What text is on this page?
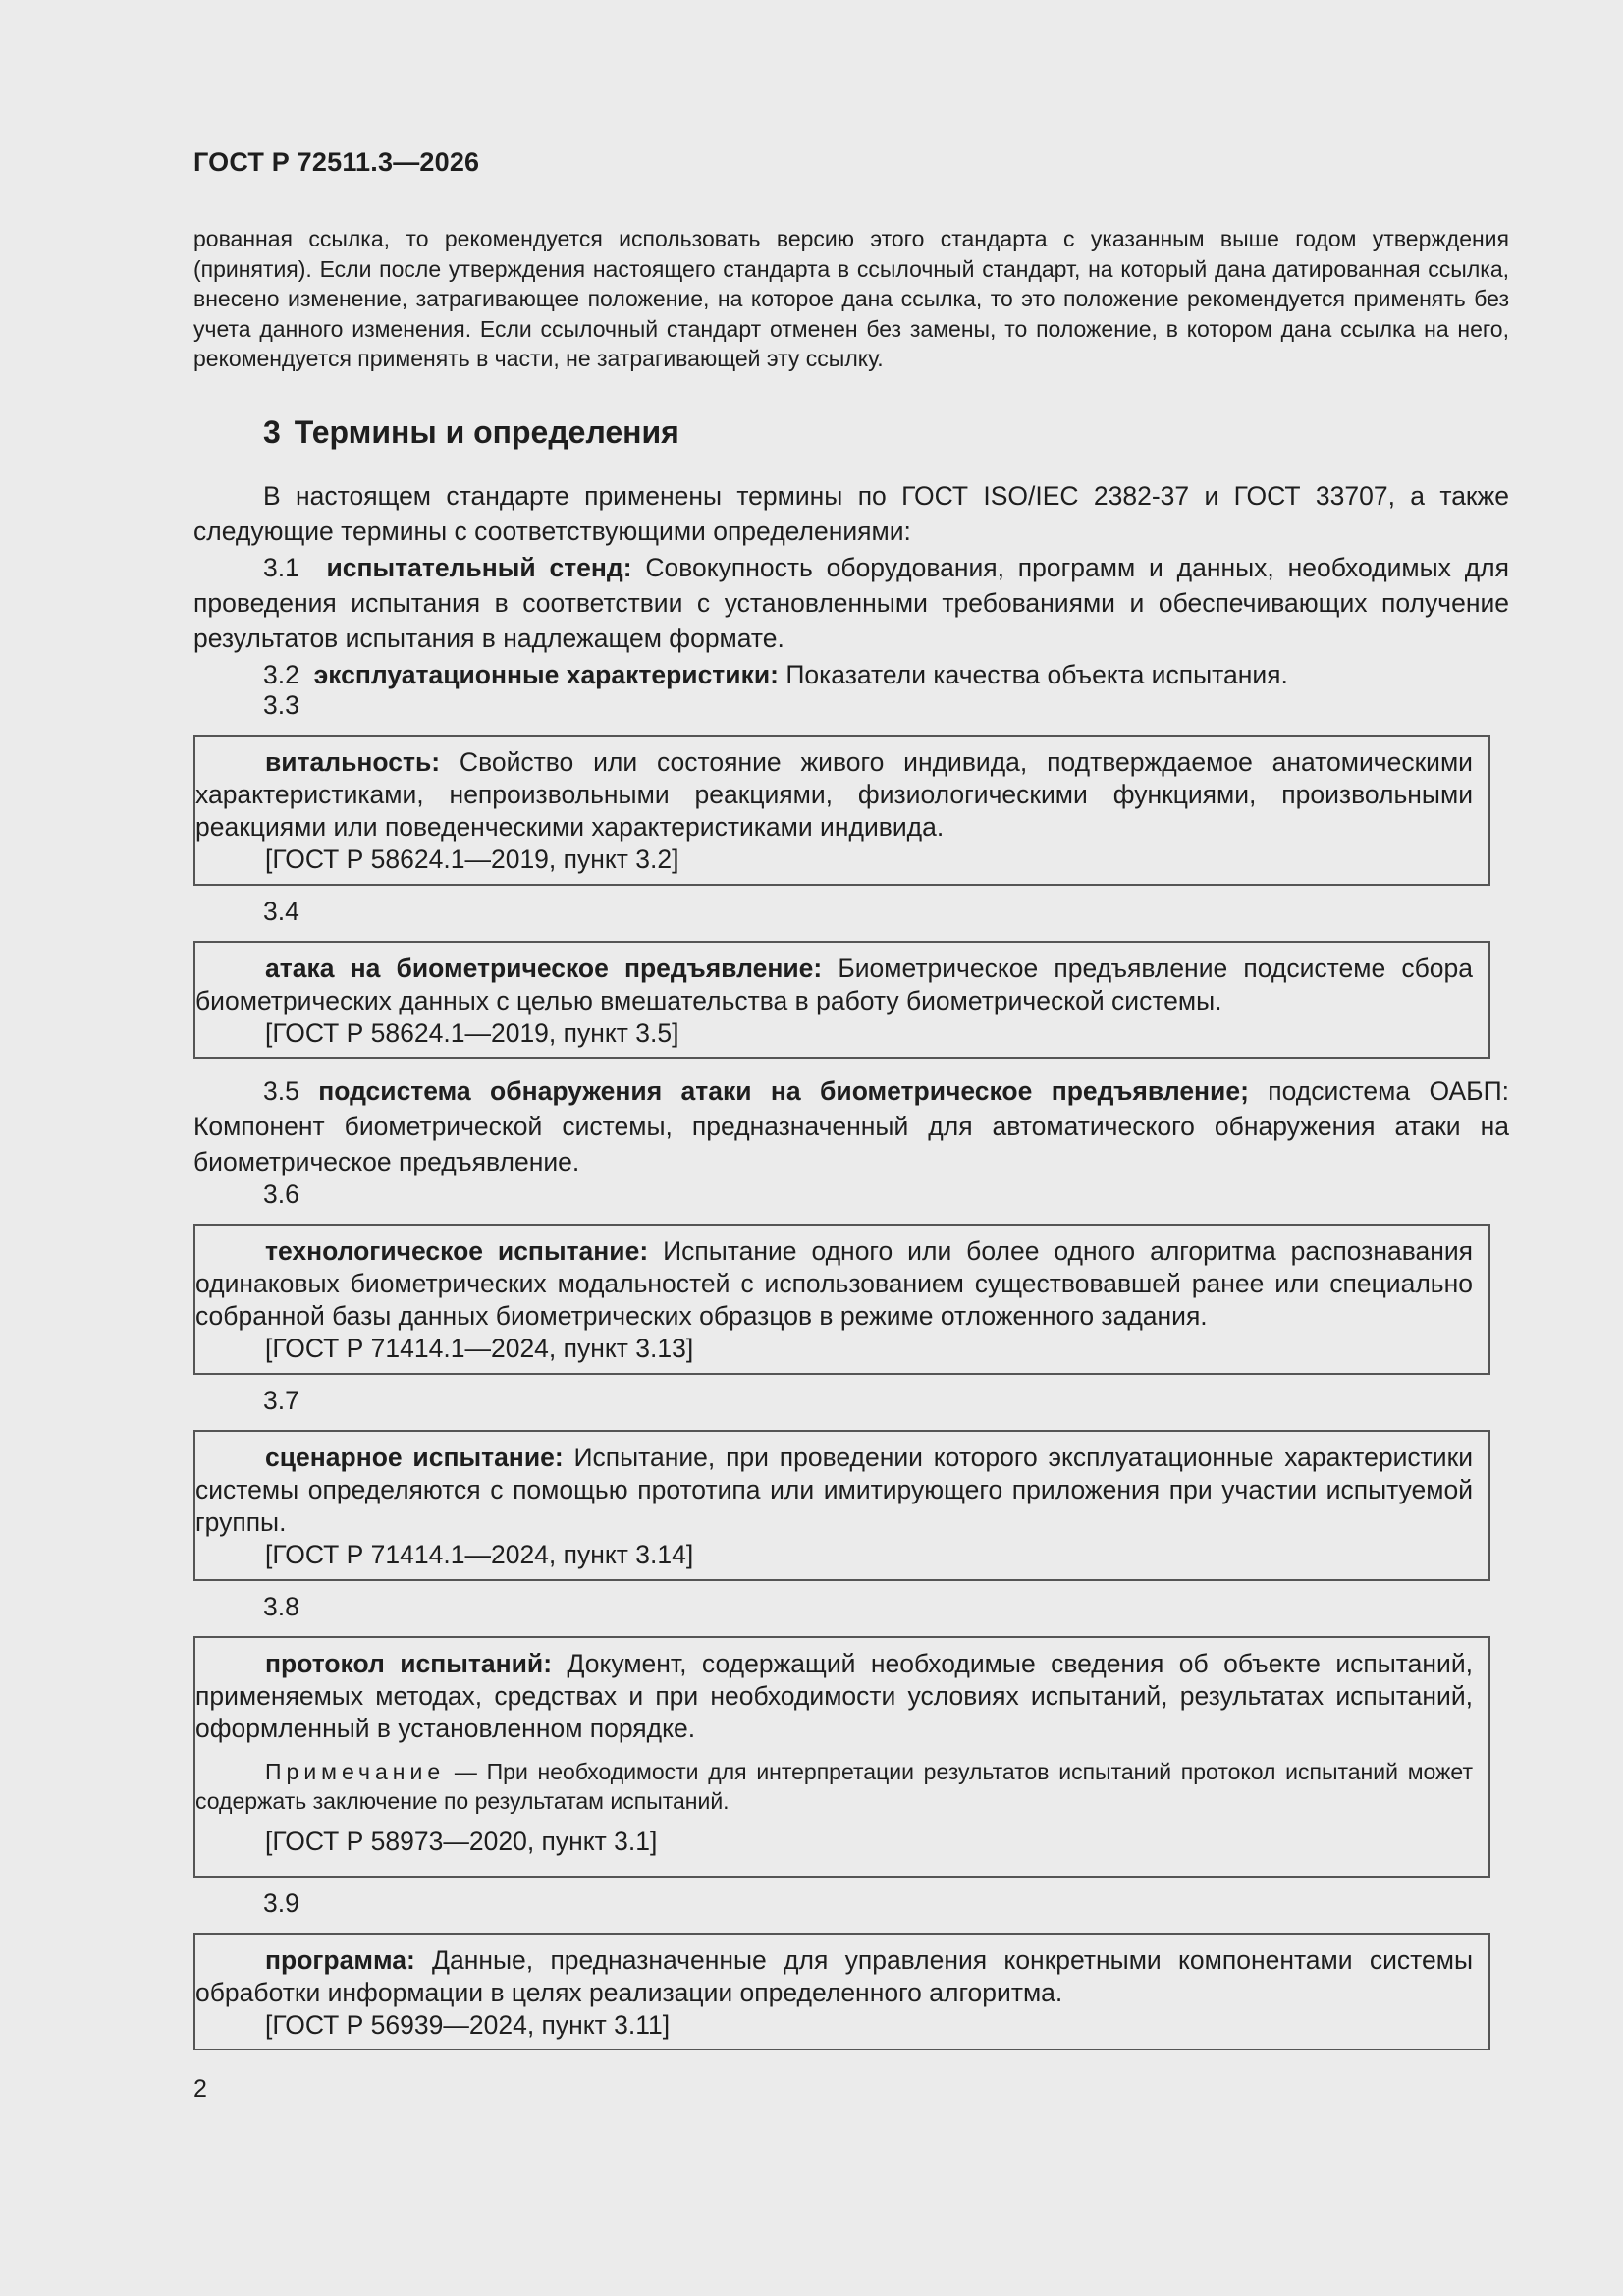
ГОСТ Р 72511.3—2026
рованная ссылка, то рекомендуется использовать версию этого стандарта с указанным выше годом утверждения (принятия). Если после утверждения настоящего стандарта в ссылочный стандарт, на который дана датированная ссылка, внесено изменение, затрагивающее положение, на которое дана ссылка, то это положение рекомендуется применять без учета данного изменения. Если ссылочный стандарт отменен без замены, то положение, в котором дана ссылка на него, рекомендуется применять в части, не затрагивающей эту ссылку.
3 Термины и определения
В настоящем стандарте применены термины по ГОСТ ISO/IEC 2382-37 и ГОСТ 33707, а также следующие термины с соответствующими определениями:
3.1 испытательный стенд: Совокупность оборудования, программ и данных, необходимых для проведения испытания в соответствии с установленными требованиями и обеспечивающих получение результатов испытания в надлежащем формате.
3.2 эксплуатационные характеристики: Показатели качества объекта испытания.
3.3

витальность: Свойство или состояние живого индивида, подтверждаемое анатомическими характеристиками, непроизвольными реакциями, физиологическими функциями, произвольными реакциями или поведенческими характеристиками индивида.

[ГОСТ Р 58624.1—2019, пункт 3.2]

3.4

атака на биометрическое предъявление: Биометрическое предъявление подсистеме сбора биометрических данных с целью вмешательства в работу биометрической системы.

[ГОСТ Р 58624.1—2019, пункт 3.5]

3.5 подсистема обнаружения атаки на биометрическое предъявление; подсистема ОАБП: Компонент биометрической системы, предназначенный для автоматического обнаружения атаки на биометрическое предъявление.
3.6

технологическое испытание: Испытание одного или более одного алгоритма распознавания одинаковых биометрических модальностей с использованием существовавшей ранее или специально собранной базы данных биометрических образцов в режиме отложенного задания.

[ГОСТ Р 71414.1—2024, пункт 3.13]

3.7

сценарное испытание: Испытание, при проведении которого эксплуатационные характеристики системы определяются с помощью прототипа или имитирующего приложения при участии испытуемой группы.

[ГОСТ Р 71414.1—2024, пункт 3.14]

3.8

протокол испытаний: Документ, содержащий необходимые сведения об объекте испытаний, применяемых методах, средствах и при необходимости условиях испытаний, результатах испытаний, оформленный в установленном порядке.

Примечание — При необходимости для интерпретации результатов испытаний протокол испытаний может содержать заключение по результатам испытаний.

[ГОСТ Р 58973—2020, пункт 3.1]

3.9

программа: Данные, предназначенные для управления конкретными компонентами системы обработки информации в целях реализации определенного алгоритма.

[ГОСТ Р 56939—2024, пункт 3.11]

2
